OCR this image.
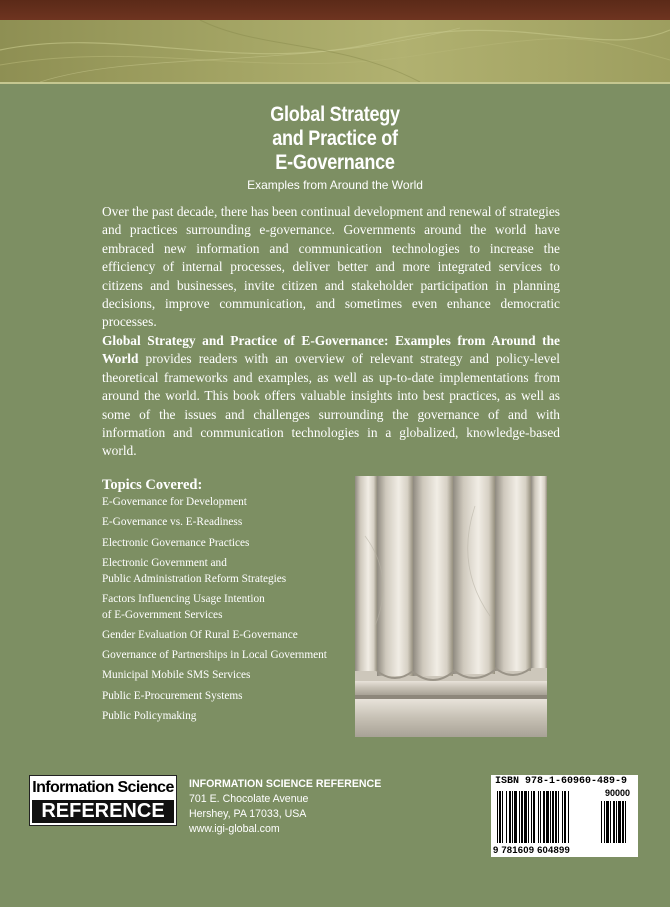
Global Strategy
and Practice of
E-Governance
Examples from Around the World
Over the past decade, there has been continual development and renewal of strategies and practices surrounding e-governance. Governments around the world have embraced new information and communication technologies to increase the efficiency of internal processes, deliver better and more integrated services to citizens and businesses, invite citizen and stakeholder participation in planning decisions, improve communication, and sometimes even enhance democratic processes.
Global Strategy and Practice of E-Governance: Examples from Around the World provides readers with an overview of relevant strategy and policy-level theoretical frameworks and examples, as well as up-to-date implementations from around the world. This book offers valuable insights into best practices, as well as some of the issues and challenges surrounding the governance of and with information and communication technologies in a globalized, knowledge-based world.
Topics Covered:
E-Governance for Development
E-Governance vs. E-Readiness
Electronic Governance Practices
Electronic Government and
Public Administration Reform Strategies
Factors Influencing Usage Intention
of E-Government Services
Gender Evaluation Of Rural E-Governance
Governance of Partnerships in Local Government
Municipal Mobile SMS Services
Public E-Procurement Systems
Public Policymaking
Information Science
REFERENCE
INFORMATION SCIENCE REFERENCE
701 E. Chocolate Avenue
Hershey, PA 17033, USA
www.igi-global.com
ISBN 978-1-60960-489-9
90000
9 781609 604899
